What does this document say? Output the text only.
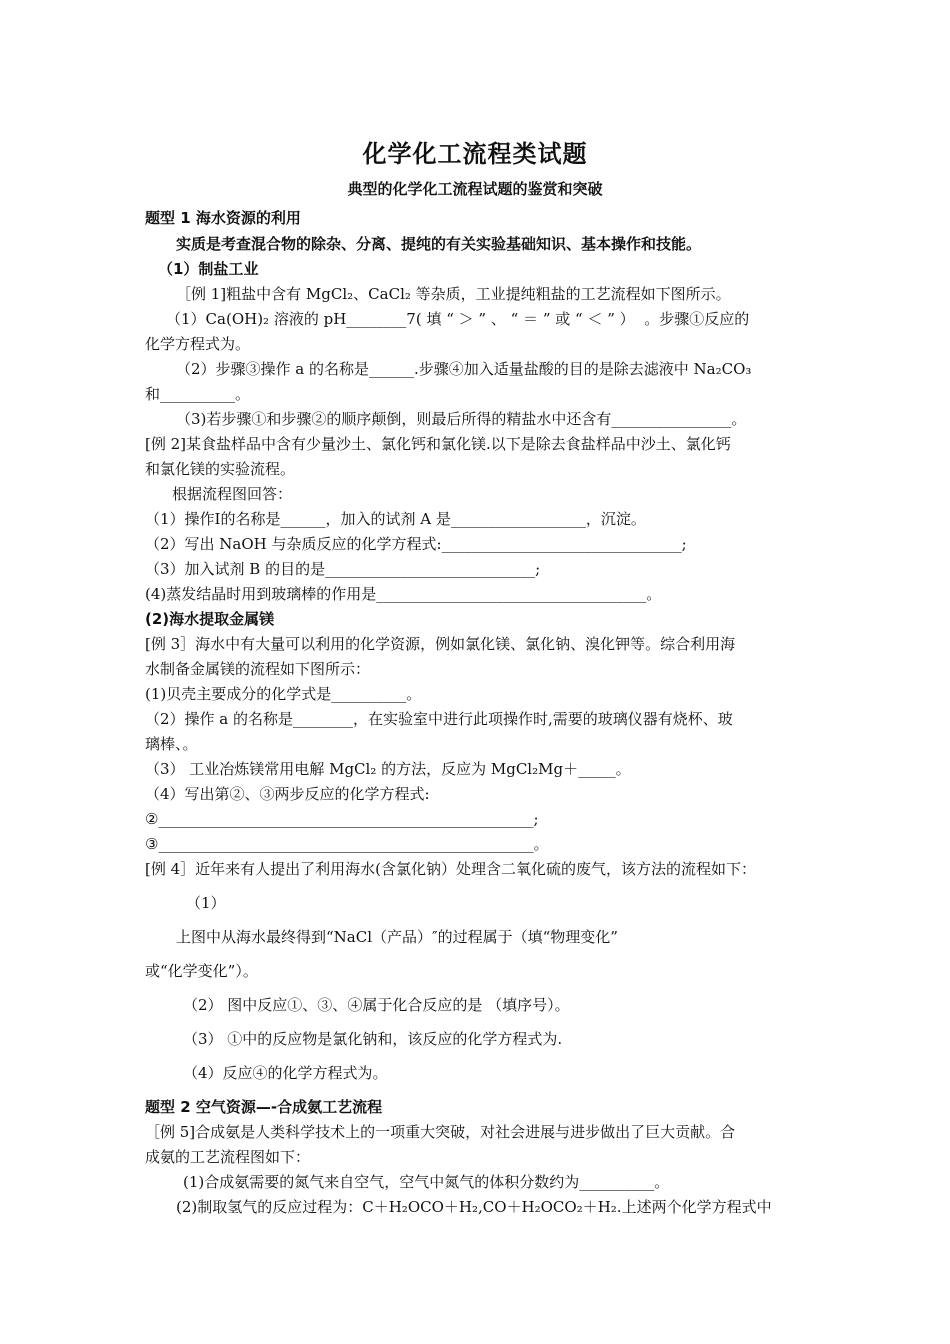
化学化工流程类试题
典型的化学化工流程试题的鉴赏和突破
题型 1 海水资源的利用
实质是考查混合物的除杂、分离、提纯的有关实验基础知识、基本操作和技能。
（1）制盐工业
［例 1]粗盐中含有 MgCl₂、CaCl₂ 等杂质，工业提纯粗盐的工艺流程如下图所示。
（1）Ca(OH)₂ 溶液的 pH________7( 填 “ ＞ ” 、 “ ＝ ” 或 “ ＜ ” ）  。步骤①反应的
化学方程式为。
（2）步骤③操作 a 的名称是______.步骤④加入适量盐酸的目的是除去滤液中 Na₂CO₃
和__________。
（3)若步骤①和步骤②的顺序颠倒，则最后所得的精盐水中还含有________________。
[例 2]某食盐样品中含有少量沙土、氯化钙和氯化镁.以下是除去食盐样品中沙土、氯化钙
和氯化镁的实验流程。
根据流程图回答：
（1）操作Ⅰ的名称是______，加入的试剂 A 是__________________，沉淀。
（2）写出 NaOH 与杂质反应的化学方程式:________________________________;
（3）加入试剂 B 的目的是____________________________;
(4)蒸发结晶时用到玻璃棒的作用是____________________________________。
(2)海水提取金属镁
[例 3］海水中有大量可以利用的化学资源，例如氯化镁、氯化钠、溴化钾等。综合利用海
水制备金属镁的流程如下图所示：
(1)贝壳主要成分的化学式是__________。
（2）操作 a 的名称是________，在实验室中进行此项操作时,需要的玻璃仪器有烧杯、玻
璃棒、。
（3） 工业冶炼镁常用电解 MgCl₂ 的方法，反应为 MgCl₂Mg＋_____。
（4）写出第②、③两步反应的化学方程式:
②__________________________________________________;
③__________________________________________________。
[例 4］近年来有人提出了利用海水(含氯化钠）处理含二氧化硫的废气，该方法的流程如下：
（1）
上图中从海水最终得到“NaCl（产品）″的过程属于（填“物理变化”
或“化学变化”）。
（2） 图中反应①、③、④属于化合反应的是 （填序号）。
（3） ①中的反应物是氯化钠和，该反应的化学方程式为.
（4）反应④的化学方程式为。
题型 2 空气资源—-合成氨工艺流程
［例 5]合成氨是人类科学技术上的一项重大突破，对社会进展与进步做出了巨大贡献。合
成氨的工艺流程图如下：
(1)合成氨需要的氮气来自空气，空气中氮气的体积分数约为__________。
(2)制取氢气的反应过程为：C＋H₂OCO＋H₂,CO＋H₂OCO₂＋H₂.上述两个化学方程式中
